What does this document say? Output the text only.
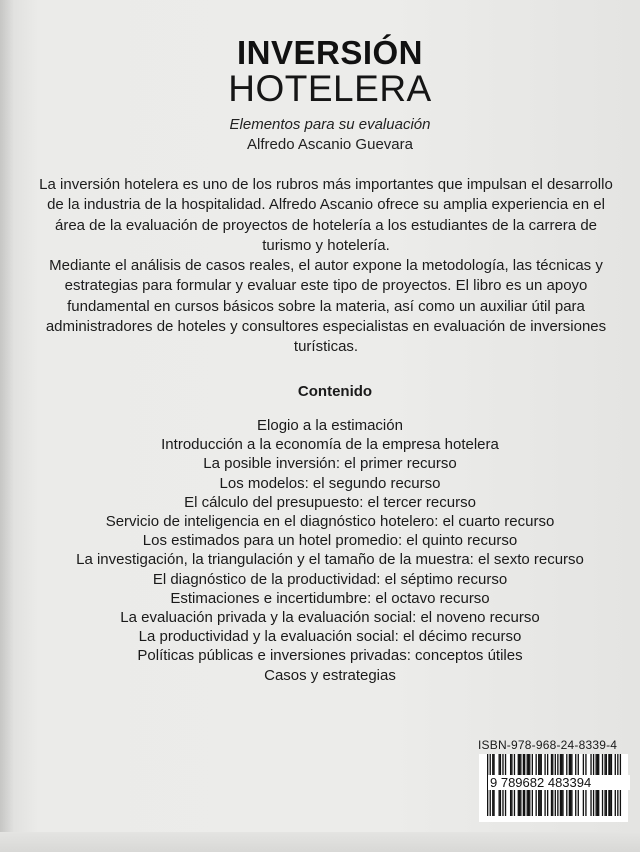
INVERSIÓN
HOTELERA
Elementos para su evaluación
Alfredo Ascanio Guevara

La inversión hotelera es uno de los rubros más importantes que impulsan el desarrollo de la industria de la hospitalidad. Alfredo Ascanio ofrece su amplia experiencia en el área de la evaluación de proyectos de hotelería a los estudiantes de la carrera de turismo y hotelería.

Mediante el análisis de casos reales, el autor expone la metodología, las técnicas y estrategias para formular y evaluar este tipo de proyectos. El libro es un apoyo fundamental en cursos básicos sobre la materia, así como un auxiliar útil para administradores de hoteles y consultores especialistas en evaluación de inversiones turísticas.

Contenido
Elogio a la estimación
Introducción a la economía de la empresa hotelera
La posible inversión: el primer recurso
Los modelos: el segundo recurso
El cálculo del presupuesto: el tercer recurso
Servicio de inteligencia en el diagnóstico hotelero: el cuarto recurso
Los estimados para un hotel promedio: el quinto recurso
La investigación, la triangulación y el tamaño de la muestra: el sexto recurso
El diagnóstico de la productividad: el séptimo recurso
Estimaciones e incertidumbre: el octavo recurso
La evaluación privada y la evaluación social: el noveno recurso
La productividad y la evaluación social: el décimo recurso
Políticas públicas e inversiones privadas: conceptos útiles
Casos y estrategias
ISBN-978-968-24-8339-4
9 789682 483394
